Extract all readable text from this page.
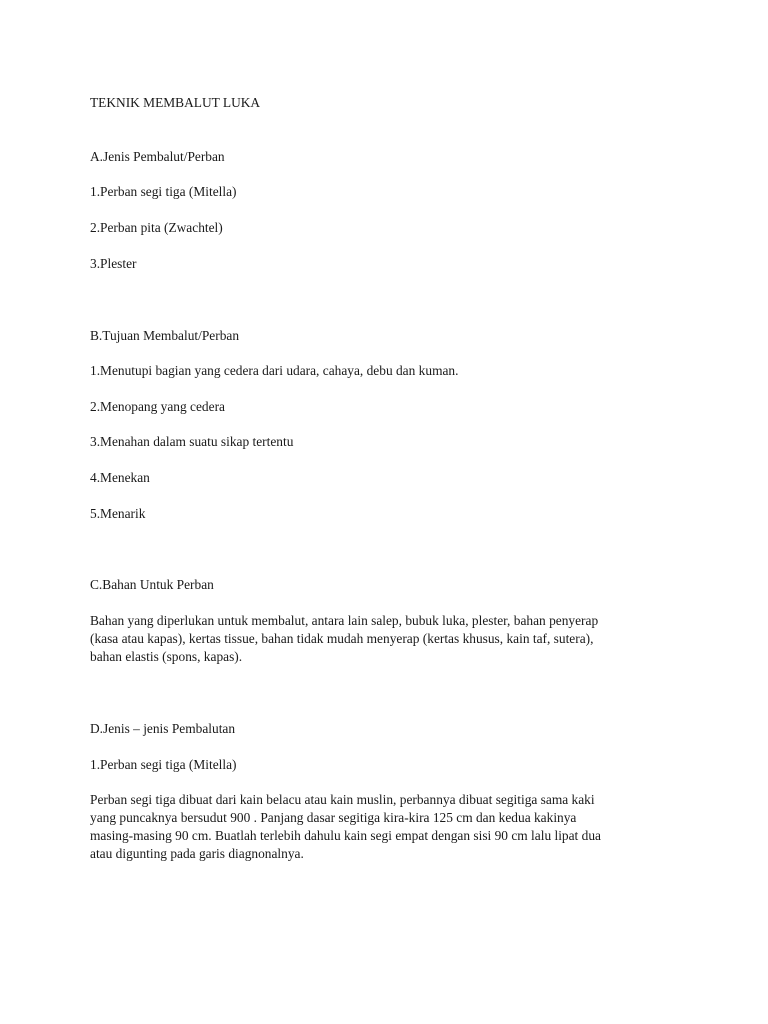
TEKNIK MEMBALUT LUKA
A.Jenis Pembalut/Perban
1.Perban segi tiga (Mitella)
2.Perban pita (Zwachtel)
3.Plester
B.Tujuan Membalut/Perban
1.Menutupi bagian yang cedera dari udara, cahaya, debu dan kuman.
2.Menopang yang cedera
3.Menahan dalam suatu sikap tertentu
4.Menekan
5.Menarik
C.Bahan Untuk Perban
Bahan yang diperlukan untuk membalut, antara lain salep, bubuk luka, plester, bahan penyerap
(kasa atau kapas), kertas tissue, bahan tidak mudah menyerap (kertas khusus, kain taf, sutera),
bahan elastis (spons, kapas).
D.Jenis – jenis Pembalutan
1.Perban segi tiga (Mitella)
Perban segi tiga dibuat dari kain belacu atau kain muslin, perbannya dibuat segitiga sama kaki
yang puncaknya bersudut 900 . Panjang dasar segitiga kira-kira 125 cm dan kedua kakinya
masing-masing 90 cm. Buatlah terlebih dahulu kain segi empat dengan sisi 90 cm lalu lipat dua
atau digunting pada garis diagnonalnya.
